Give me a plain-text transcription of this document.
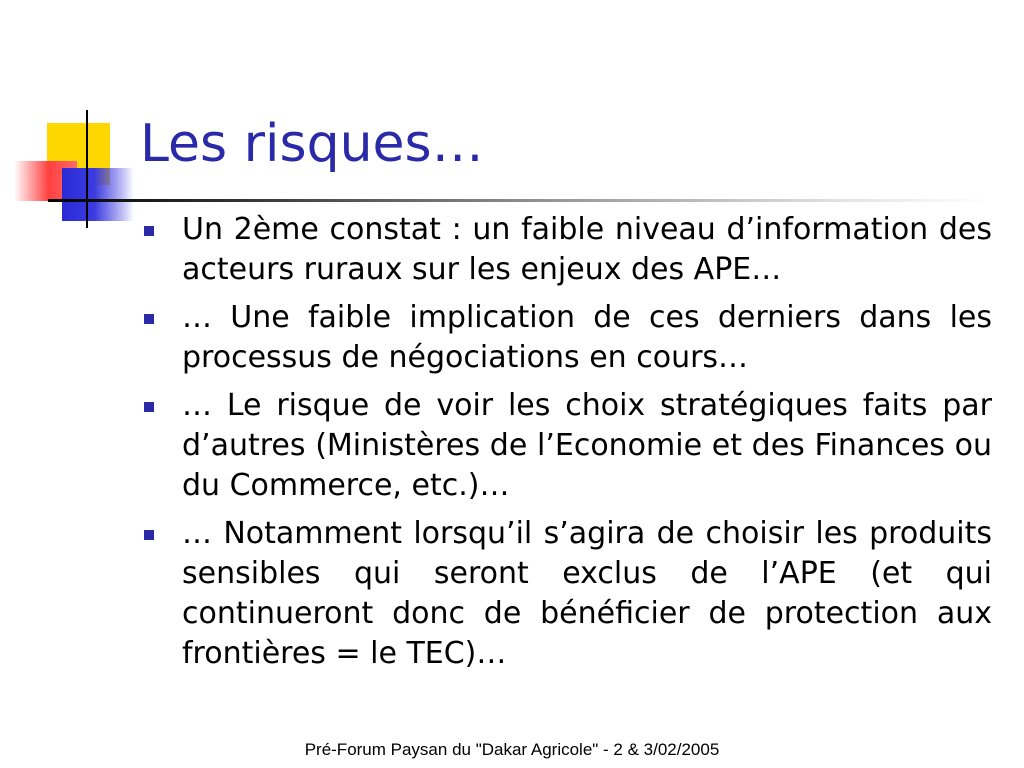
Les risques…
Un 2ème constat : un faible niveau d’information des acteurs ruraux sur les enjeux des APE…
… Une faible implication de ces derniers dans les processus de négociations en cours…
… Le risque de voir les choix stratégiques faits par d’autres (Ministères de l’Economie et des Finances ou du Commerce, etc.)…
… Notamment lorsqu’il s’agira de choisir les produits sensibles qui seront exclus de l’APE (et qui continueront donc de bénéficier de protection aux frontières = le TEC)…
Pré-Forum Paysan du "Dakar Agricole" - 2 & 3/02/2005
